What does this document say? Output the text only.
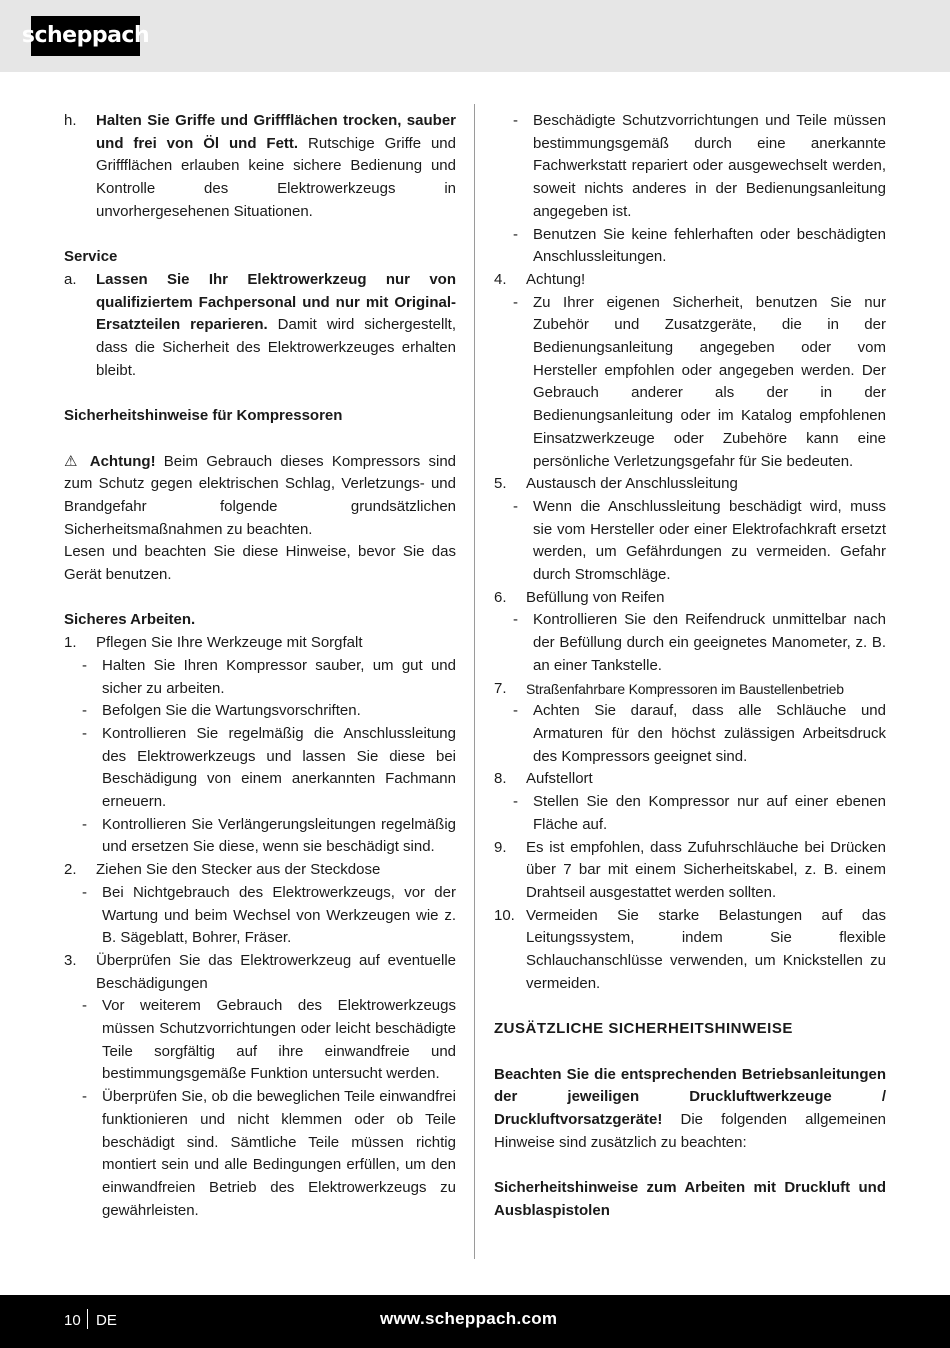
scheppach
h.	Halten Sie Griffe und Griffflächen trocken, sauber und frei von Öl und Fett. Rutschige Griffe und Griffflächen erlauben keine sichere Bedienung und Kontrolle des Elektrowerkzeugs in unvorhergesehenen Situationen.

Service

a.	Lassen Sie Ihr Elektrowerkzeug nur von qualifiziertem Fachpersonal und nur mit Original-Ersatzteilen reparieren. Damit wird sichergestellt, dass die Sicherheit des Elektrowerkzeuges erhalten bleibt.

Sicherheitshinweise für Kompressoren

⚠ Achtung! Beim Gebrauch dieses Kompressors sind zum Schutz gegen elektrischen Schlag, Verletzungs- und Brandgefahr folgende grundsätzlichen Sicherheitsmaßnahmen zu beachten.

Lesen und beachten Sie diese Hinweise, bevor Sie das Gerät benutzen.

Sicheres Arbeiten.

1.	Pflegen Sie Ihre Werkzeuge mit Sorgfalt
-	Halten Sie Ihren Kompressor sauber, um gut und sicher zu arbeiten.
-	Befolgen Sie die Wartungsvorschriften.
-	Kontrollieren Sie regelmäßig die Anschlussleitung des Elektrowerkzeugs und lassen Sie diese bei Beschädigung von einem anerkannten Fachmann erneuern.
-	Kontrollieren Sie Verlängerungsleitungen regelmäßig und ersetzen Sie diese, wenn sie beschädigt sind.
2.	Ziehen Sie den Stecker aus der Steckdose
-	Bei Nichtgebrauch des Elektrowerkzeugs, vor der Wartung und beim Wechsel von Werkzeugen wie z. B. Sägeblatt, Bohrer, Fräser.
3.	Überprüfen Sie das Elektrowerkzeug auf eventuelle Beschädigungen
-	Vor weiterem Gebrauch des Elektrowerkzeugs müssen Schutzvorrichtungen oder leicht beschädigte Teile sorgfältig auf ihre einwandfreie und bestimmungsgemäße Funktion untersucht werden.
-	Überprüfen Sie, ob die beweglichen Teile einwandfrei funktionieren und nicht klemmen oder ob Teile beschädigt sind. Sämtliche Teile müssen richtig montiert sein und alle Bedingungen erfüllen, um den einwandfreien Betrieb des Elektrowerkzeugs zu gewährleisten.
-	Beschädigte Schutzvorrichtungen und Teile müssen bestimmungsgemäß durch eine anerkannte Fachwerkstatt repariert oder ausgewechselt werden, soweit nichts anderes in der Bedienungsanleitung angegeben ist.
-	Benutzen Sie keine fehlerhaften oder beschädigten Anschlussleitungen.
4.	Achtung!
-	Zu Ihrer eigenen Sicherheit, benutzen Sie nur Zubehör und Zusatzgeräte, die in der Bedienungsanleitung angegeben oder vom Hersteller empfohlen oder angegeben werden. Der Gebrauch anderer als der in der Bedienungsanleitung oder im Katalog empfohlenen Einsatzwerkzeuge oder Zubehöre kann eine persönliche Verletzungsgefahr für Sie bedeuten.
5.	Austausch der Anschlussleitung
-	Wenn die Anschlussleitung beschädigt wird, muss sie vom Hersteller oder einer Elektrofachkraft ersetzt werden, um Gefährdungen zu vermeiden. Gefahr durch Stromschläge.
6.	Befüllung von Reifen
-	Kontrollieren Sie den Reifendruck unmittelbar nach der Befüllung durch ein geeignetes Manometer, z. B. an einer Tankstelle.
7.	Straßenfahrbare Kompressoren im Baustellenbetrieb
-	Achten Sie darauf, dass alle Schläuche und Armaturen für den höchst zulässigen Arbeitsdruck des Kompressors geeignet sind.
8.	Aufstellort
-	Stellen Sie den Kompressor nur auf einer ebenen Fläche auf.
9.	Es ist empfohlen, dass Zufuhrschläuche bei Drücken über 7 bar mit einem Sicherheitskabel, z. B. einem Drahtseil ausgestattet werden sollten.
10. Vermeiden Sie starke Belastungen auf das Leitungssystem, indem Sie flexible Schlauchanschlüsse verwenden, um Knickstellen zu vermeiden.

ZUSÄTZLICHE SICHERHEITSHINWEISE

Beachten Sie die entsprechenden Betriebsanleitungen der jeweiligen Druckluftwerkzeuge / Druckluftvorsatzgeräte! Die folgenden allgemeinen Hinweise sind zusätzlich zu beachten:

Sicherheitshinweise zum Arbeiten mit Druckluft und Ausblaspistolen

10 DE	www.scheppach.com
